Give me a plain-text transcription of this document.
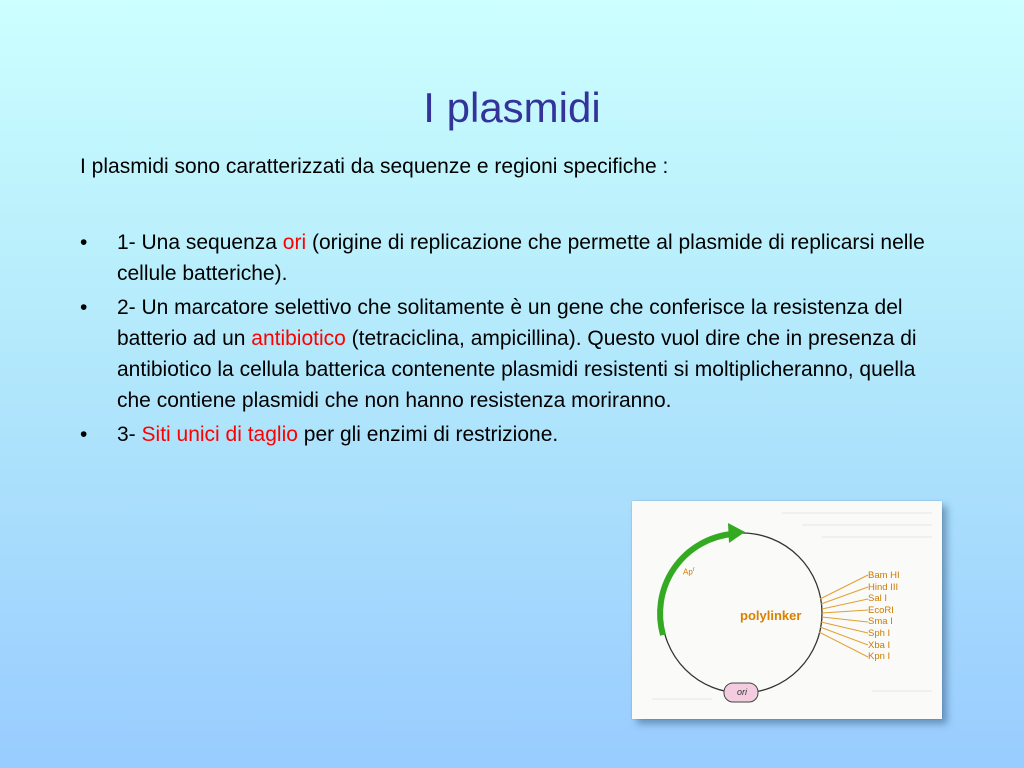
I plasmidi
I plasmidi sono caratterizzati da sequenze e regioni specifiche :
• 1- Una sequenza ori (origine di replicazione che permette al plasmide di replicarsi nelle cellule batteriche).
• 2- Un marcatore selettivo che solitamente è un gene che conferisce la resistenza del batterio ad un antibiotico (tetraciclina, ampicillina). Questo vuol dire che in presenza di antibiotico la cellula batterica contenente plasmidi resistenti si moltiplicheranno, quella che contiene plasmidi che non hanno resistenza moriranno.
• 3- Siti unici di taglio per gli enzimi di restrizione.
Ap$^r$
polylinker
ori
Bam HI
Hind III
Sal I
EcoRI
Sma I
Sph I
Xba I
Kpn I
